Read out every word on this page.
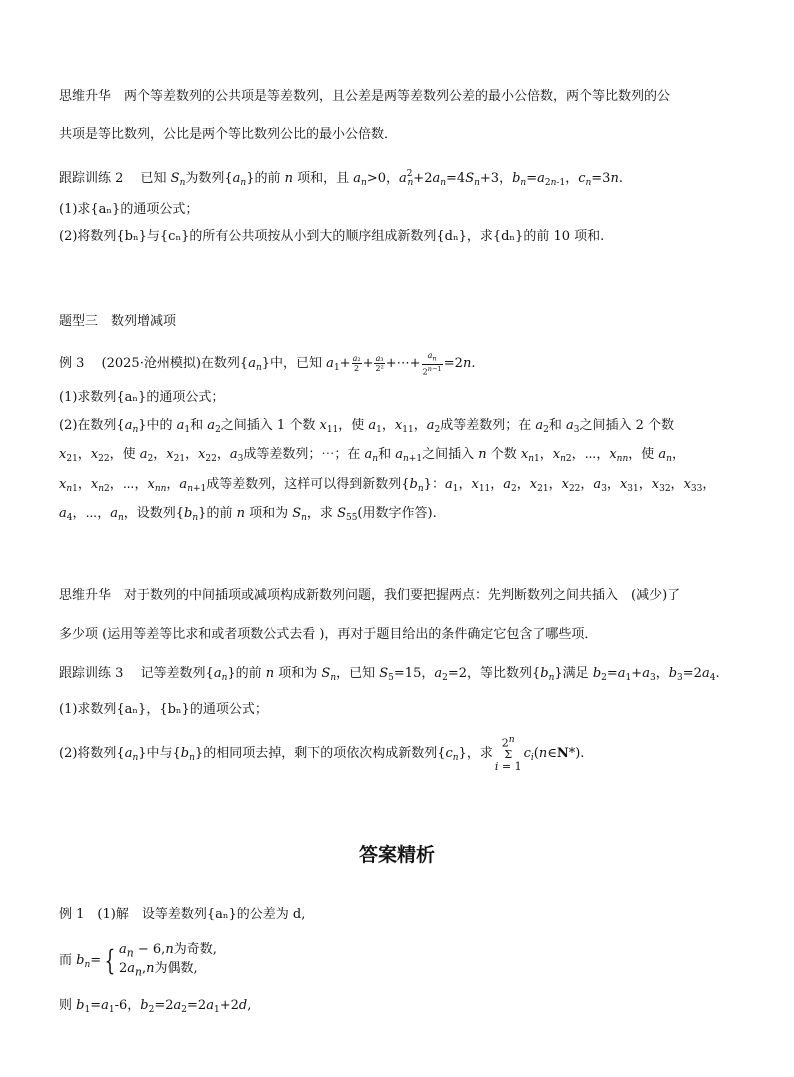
思维升华　两个等差数列的公共项是等差数列，且公差是两等差数列公差的最小公倍数，两个等比数列的公
共项是等比数列，公比是两个等比数列公比的最小公倍数．
跟踪训练 2　 已知 $S_n$为数列$\{a_n\}$的前 n 项和，且 $a_n>0$，$a^2_n+2a_n=4S_n+3$，$b_n=a_{2n-1}$，$c_n=3n$.
(1)求{aₙ}的通项公式；
(2)将数列{bₙ}与{cₙ}的所有公共项按从小到大的顺序组成新数列{dₙ}，求{dₙ}的前 10 项和.
题型三　数列增减项
例 3　 (2025·沧州模拟)在数列$\{a_n\}$中，已知 $a_1+ \frac{\text{a₂}}{2} + \frac{\text{a₃}}{\text{2²}}$ +⋯+ $\frac{a_n}{2^{n-1}} =2n$.
(1)求数列{aₙ}的通项公式；
(2)在数列$\{a_n\}$中的 $a_1$和 $a_2$之间插入 1 个数 $x_{11}$，使 $a_1$，$x_{11}$，$a_2$成等差数列；在 $a_2$和 $a_3$之间插入 2 个数
$x_{21}$，$x_{22}$，使 $a_2$，$x_{21}$，$x_{22}$，$a_3$成等差数列；⋯；在 $a_n$和 $a_{n+1}$之间插入 n 个数 $x_{n1}$，$x_{n2}$，⋯，$x_{nn}$，使 $a_n$，
$x_{n1}$，$x_{n2}$，⋯，$x_{nn}$，$a_{n+1}$成等差数列，这样可以得到新数列$\{b_n\}$：$a_1$，$x_{11}$，$a_2$，$x_{21}$，$x_{22}$，$a_3$，$x_{31}$，$x_{32}$，$x_{33}$，
$a_4$，⋯，$a_n$，设数列$\{b_n\}$的前 n 项和为 $S_n$，求 $S_{55}$(用数字作答).
思维升华　对于数列的中间插项或减项构成新数列问题，我们要把握两点：先判断数列之间共插入　(减少)了
多少项 (运用等差等比求和或者项数公式去看 )，再对于题目给出的条件确定它包含了哪些项．
跟踪训练 3　 记等差数列$\{a_n\}$的前 n 项和为 $S_n$，已知 $S_5=15$，$a_2=2$，等比数列$\{b_n\}$满足 $b_2=a_1+a_3$，$b_3=2a_4$.
(1)求数列{aₙ}，{bₙ}的通项公式；
(2)将数列$\{a_n\}$中与$\{b_n\}$的相同项去掉，剩下的项依次构成新数列$\{c_n\}$，求
2$^n$
Σ
i = 1
$c_i(n\in N*)$.
答案精析
例 1　(1)解　设等差数列{aₙ}的公差为 d,
而 $b_n=$ { $a_n - 6,n$为奇数,
$2a_n,n$为偶数,
则 $b_1=a_1-6$，$b_2=2a_2=2a_1+2d$,
